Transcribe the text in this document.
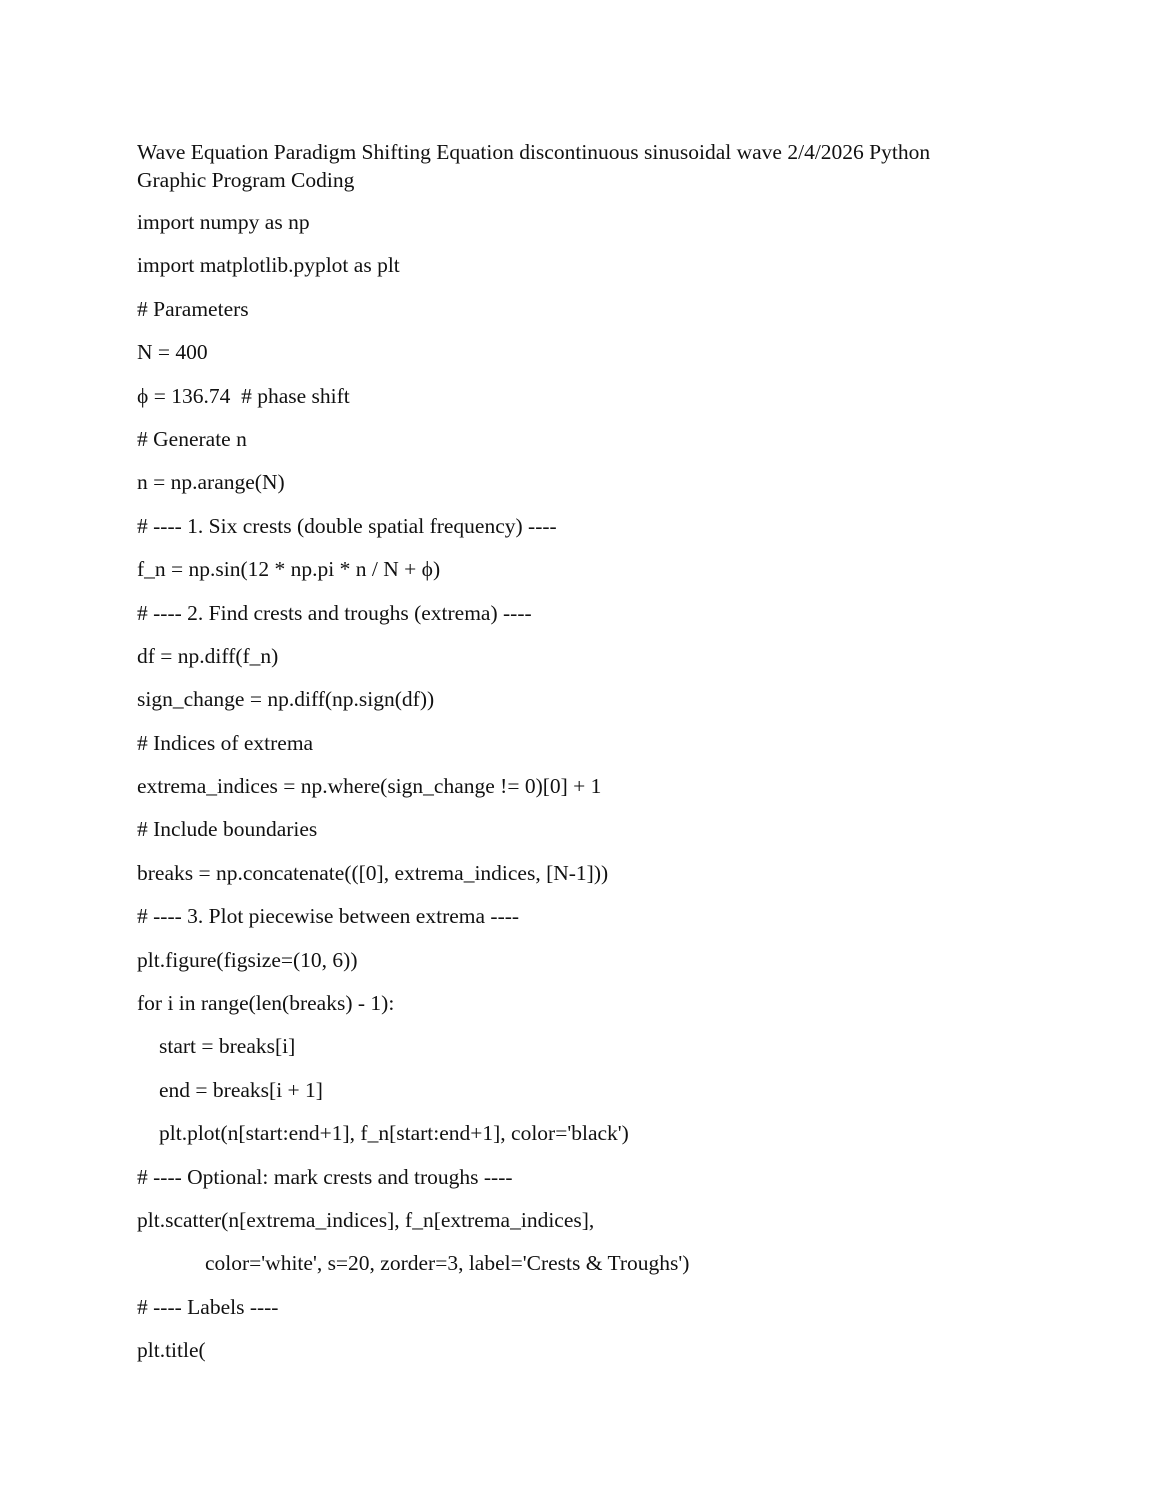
Wave Equation Paradigm Shifting Equation discontinuous sinusoidal wave 2/4/2026 Python Graphic Program Coding
import numpy as np
import matplotlib.pyplot as plt
# Parameters
N = 400
ϕ = 136.74  # phase shift
# Generate n
n = np.arange(N)
# ---- 1. Six crests (double spatial frequency) ----
f_n = np.sin(12 * np.pi * n / N + ϕ)
# ---- 2. Find crests and troughs (extrema) ----
df = np.diff(f_n)
sign_change = np.diff(np.sign(df))
# Indices of extrema
extrema_indices = np.where(sign_change != 0)[0] + 1
# Include boundaries
breaks = np.concatenate(([0], extrema_indices, [N-1]))
# ---- 3. Plot piecewise between extrema ----
plt.figure(figsize=(10, 6))
for i in range(len(breaks) - 1):
start = breaks[i]
end = breaks[i + 1]
plt.plot(n[start:end+1], f_n[start:end+1], color='black')
# ---- Optional: mark crests and troughs ----
plt.scatter(n[extrema_indices], f_n[extrema_indices],
color='white', s=20, zorder=3, label='Crests & Troughs')
# ---- Labels ----
plt.title(
